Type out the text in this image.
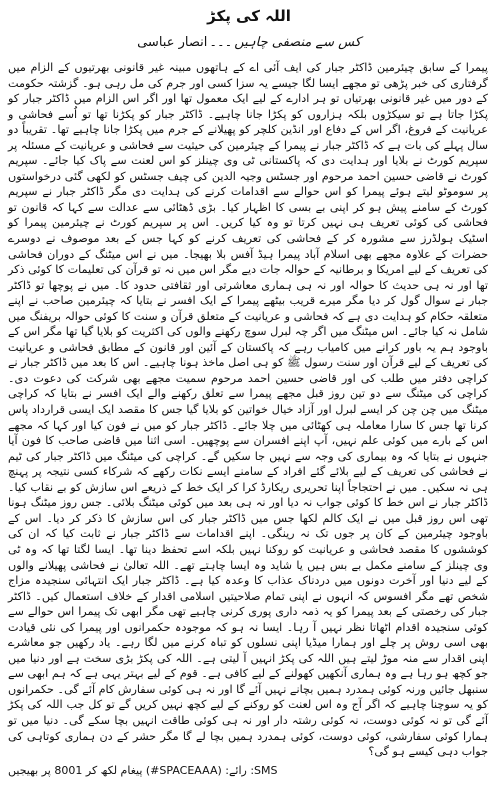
اللہ کی پکڑ
کس سے منصفی چاہیں۔۔۔انصار عباسی

پیمرا کے سابق چیئرمین ڈاکٹر جبار کی ایف آئی اے کے ہاتھوں مبینہ غیر قانونی بھرتیوں کے الزام میں گرفتاری کی خبر پڑھی تو مجھے ایسا لگا جیسے یہ سزا کسی اور جرم کی مل رہی ہو۔ گزشتہ حکومت کے دور میں غیر قانونی بھرتیاں تو ہر ادارے کے لیے ایک معمول تھا اور اگر اس الزام میں ڈاکٹر جبار کو پکڑا جاتا ہے تو سیکڑوں بلکہ ہزاروں کو پکڑا جانا چاہیے۔ ڈاکٹر جبار کو پکڑنا تھا تو اُسے فحاشی و عریانیت کے فروغ، اگر اس کے دفاع اور انڈین کلچر کو پھیلانے کے جرم میں پکڑا جانا چاہیے تھا۔ تقریباً دو سال پہلے کی بات ہے کہ ڈاکٹر جبار نے پیمرا کے چیئرمین کی حیثیت سے فحاشی و عریانیت کے مسئلہ پر سپریم کورٹ نے بلایا اور ہدایت دی کہ پاکستانی ٹی وی چینلز کو اس لعنت سے پاک کیا جائے۔ سپریم کورٹ نے قاضی حسین احمد مرحوم اور جسٹس وجیہ الدین کی چیف جسٹس کو لکھی گئی درخواستوں پر سوموٹو لیتے ہوئے پیمرا کو اس حوالے سے اقدامات کرنے کی ہدایت دی مگر ڈاکٹر جبار نے سپریم کورٹ کے سامنے پیش ہو کر اپنی بے بسی کا اظہار کیا۔ بڑی ڈھٹائی سے عدالت سے کہا کہ قانون تو فحاشی کی کوئی تعریف ہی نہیں کرتا تو وہ کیا کریں۔ اس پر سپریم کورٹ نے چیئرمین پیمرا کو اسٹیک ہولڈرز سے مشورہ کر کے فحاشی کی تعریف کرنے کو کہا جس کے بعد موصوف نے دوسرے حضرات کے علاوہ مجھے بھی اسلام آباد پیمرا ہیڈ آفس بلا بھیجا۔ میں نے اس میٹنگ کے دوران فحاشی کی تعریف کے لیے امریکا و برطانیہ کے حوالہ جات دیے مگر اس میں نہ تو قرآن کی تعلیمات کا کوئی ذکر تھا اور نہ ہی حدیث کا حوالہ اور نہ ہی ہماری معاشرتی اور ثقافتی حدود کا۔ میں نے پوچھا تو ڈاکٹر جبار نے سوال گول کر دیا مگر میرے قریب بیٹھے پیمرا کے ایک افسر نے بتایا کہ چیئرمین صاحب نے اپنے متعلقہ حکام کو ہدایت دی ہے کہ فحاشی و عریانیت کے متعلق قرآن و سنت کا کوئی حوالہ بریفنگ میں شامل نہ کیا جائے۔ اس میٹنگ میں اگر چہ لبرل سوچ رکھنے والوں کی اکثریت کو بلایا گیا تھا مگر اس کے باوجود ہم یہ باور کرانے میں کامیاب رہے کہ پاکستان کے آئین اور قانون کے مطابق فحاشی و عریانیت کی تعریف کے لیے قرآن اور سنت رسول ﷺ کو ہی اصل ماخذ ہونا چاہیے۔ اس کا بعد میں ڈاکٹر جبار نے کراچی دفتر میں طلب کی اور قاضی حسین احمد مرحوم سمیت مجھے بھی شرکت کی دعوت دی۔ کراچی کی میٹنگ سے دو تین روز قبل مجھے پیمرا سے تعلق رکھنے والے ایک افسر نے بتایا کہ کراچی میٹنگ میں چن چن کر ایسے لبرل اور آزاد خیال خواتین کو بلایا گیا جس کا مقصد ایک ایسی قرارداد پاس کرنا تھا جس کا سارا معاملہ ہی کھٹائی میں چلا جائے۔ ڈاکٹر جبار کو میں نے فون کیا اور کہا کہ مجھے اس کے بارے میں کوئی علم نہیں، آپ اپنے افسران سے پوچھیں۔ اسی اثنا میں قاضی صاحب کا فون آیا جنہوں نے بتایا کہ وہ بیماری کی وجہ سے نہیں جا سکیں گے۔ کراچی کی میٹنگ میں ڈاکٹر جبار کی ٹیم نے فحاشی کی تعریف کے لیے بلائے گئے افراد کے سامنے ایسے نکات رکھے کہ شرکاء کسی نتیجہ پر پہنچ ہی نہ سکیں۔ میں نے احتجاجاً اپنا تحریری ریکارڈ کرا کر ایک خط کے ذریعے اس سازش کو بے نقاب کیا۔ ڈاکٹر جبار نے اس خط کا کوئی جواب نہ دیا اور نہ ہی بعد میں کوئی میٹنگ بلائی۔ جس روز میٹنگ ہونا تھی اس روز قبل میں نے ایک کالم لکھا جس میں ڈاکٹر جبار کی اس سازش کا ذکر کر دیا۔ اس کے باوجود چیئرمین کے کان پر جوں تک نہ رینگی۔ اپنے اقدامات سے ڈاکٹر جبار نے ثابت کیا کہ ان کی کوششوں کا مقصد فحاشی و عریانیت کو روکنا نہیں بلکہ اسے تحفظ دینا تھا۔ ایسا لگتا تھا کہ وہ ٹی وی چینلز کے سامنے مکمل بے بس ہیں یا شاید وہ ایسا چاہتے تھے۔ اللہ تعالیٰ نے فحاشی پھیلانے والوں کے لیے دنیا اور آخرت دونوں میں دردناک عذاب کا وعدہ کیا ہے۔ ڈاکٹر جبار ایک انتہائی سنجیدہ مزاج شخص تھے مگر افسوس کہ انہوں نے اپنی تمام صلاحیتیں اسلامی اقدار کے خلاف استعمال کیں۔ ڈاکٹر جبار کی رخصتی کے بعد پیمرا کو یہ ذمہ داری پوری کرنی چاہیے تھی مگر ابھی تک پیمرا اس حوالے سے کوئی سنجیدہ اقدام اٹھاتا نظر نہیں آ رہا۔ ایسا نہ ہو کہ موجودہ حکمرانوں اور پیمرا کی نئی قیادت بھی اسی روش پر چلے اور ہمارا میڈیا اپنی نسلوں کو تباہ کرنے میں لگا رہے۔ یاد رکھیں جو معاشرے اپنی اقدار سے منہ موڑ لیتے ہیں اللہ کی پکڑ انہیں آ لیتی ہے۔ اللہ کی پکڑ بڑی سخت ہے اور دنیا میں جو کچھ ہو رہا ہے وہ ہماری آنکھیں کھولنے کے لیے کافی ہے۔ قوم کے لیے بہتر یہی ہے کہ ہم ابھی سے سنبھل جائیں ورنہ کوئی ہمدرد ہمیں بچانے نہیں آئے گا اور نہ ہی کوئی سفارش کام آئے گی۔ حکمرانوں کو یہ سوچنا چاہیے کہ اگر آج وہ اس لعنت کو روکنے کے لیے کچھ نہیں کریں گے تو کل جب اللہ کی پکڑ آئے گی تو نہ کوئی دوست، نہ کوئی رشتہ دار اور نہ ہی کوئی طاقت انہیں بچا سکے گی۔ دنیا میں تو ہمارا کوئی سفارشی، کوئی دوست، کوئی ہمدرد ہمیں بچا لے گا مگر حشر کے دن ہماری کوتاہی کی جواب دہی کیسے ہو گی؟

SMS: رائے: (SPACEAAA#) پیغام لکھ کر 8001 پر بھیجیں
